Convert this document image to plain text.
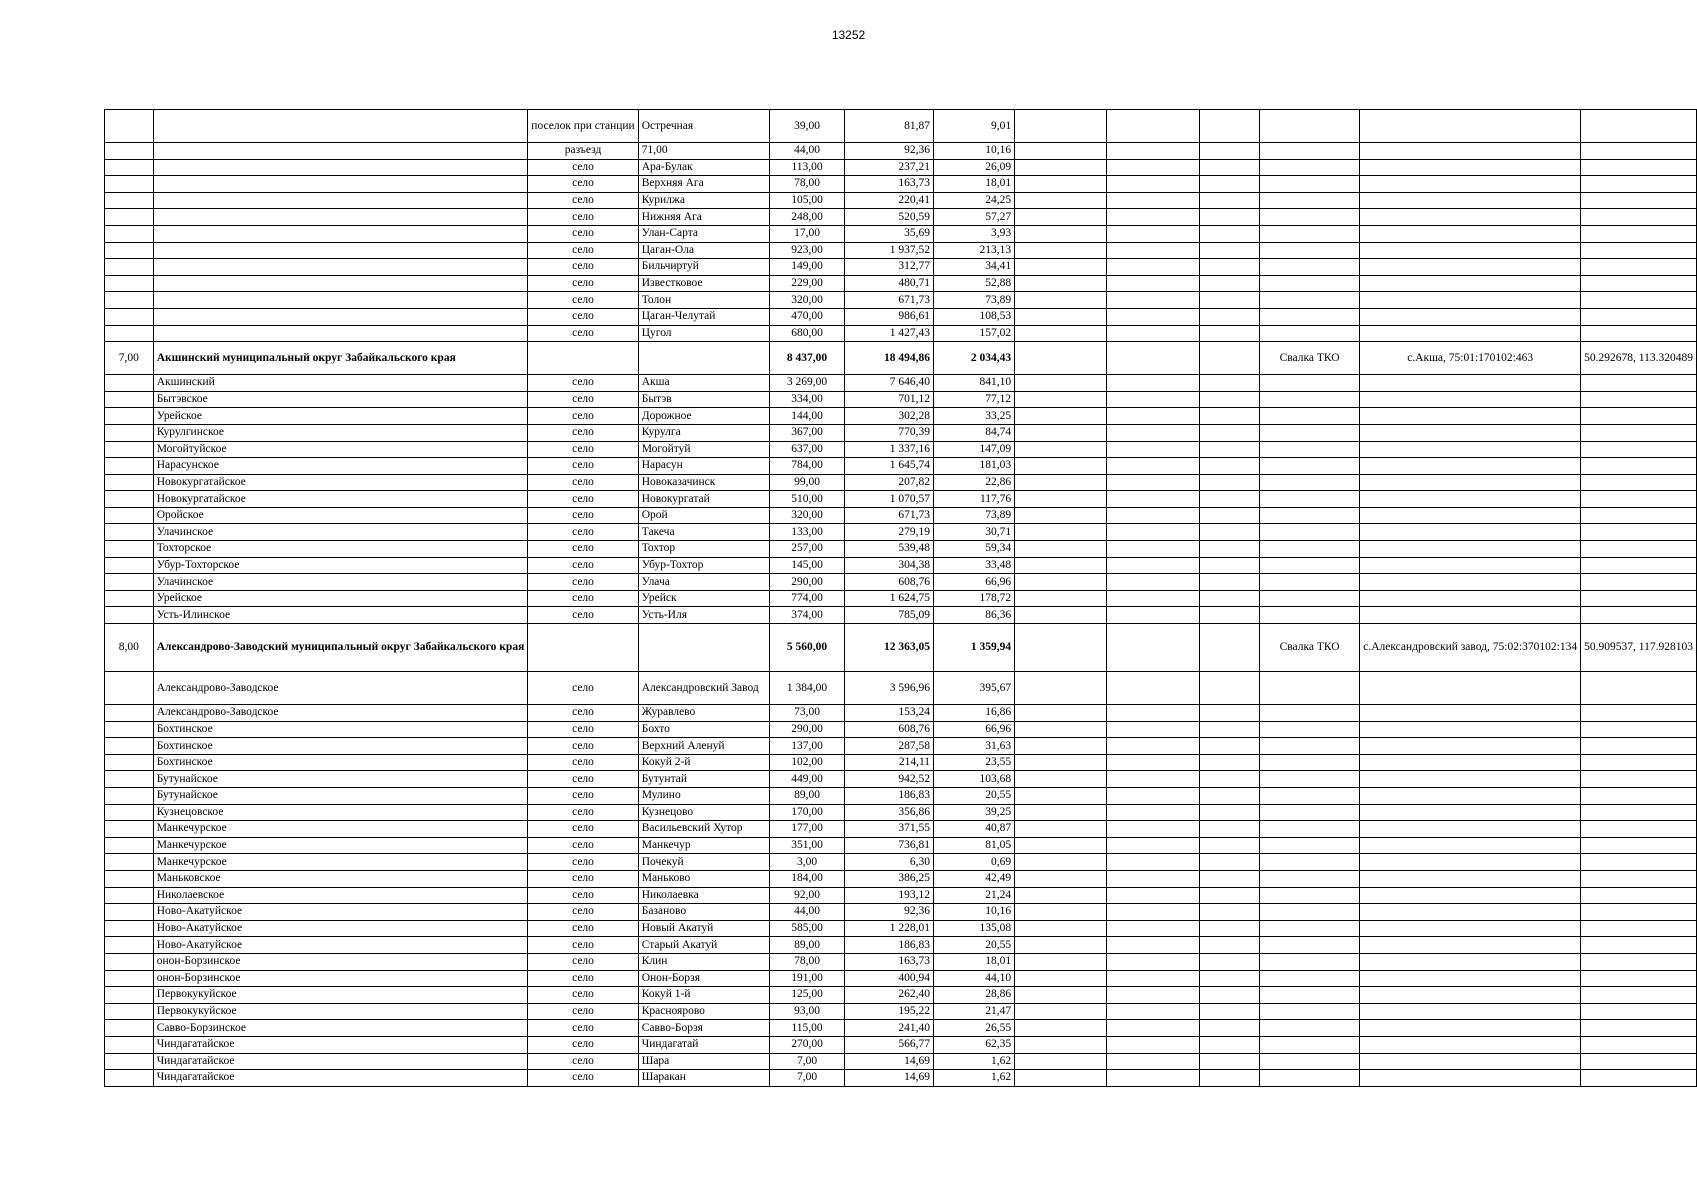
13252
		поселок при станции	Остречная	39,00	81,87	9,01						
		разъезд	71,00	44,00	92,36	10,16						
		село	Ара-Булак	113,00	237,21	26,09						
		село	Верхняя Ага	78,00	163,73	18,01						
		село	Курилжа	105,00	220,41	24,25						
		село	Нижняя Ага	248,00	520,59	57,27						
		село	Улан-Сарта	17,00	35,69	3,93						
		село	Цаган-Ола	923,00	1 937,52	213,13						
		село	Бильчиртуй	149,00	312,77	34,41						
		село	Известковое	229,00	480,71	52,88						
		село	Толон	320,00	671,73	73,89						
		село	Цаган-Челутай	470,00	986,61	108,53						
		село	Цугол	680,00	1 427,43	157,02						
7,00	Акшинский муниципальный округ Забайкальского края			8 437,00	18 494,86	2 034,43				Свалка ТКО	с.Акша, 75:01:170102:463	50.292678, 113.320489
	Акшинский	село	Акша	3 269,00	7 646,40	841,10						
	Бытэвское	село	Бытэв	334,00	701,12	77,12						
	Урейское	село	Дорожное	144,00	302,28	33,25						
	Курулгинское	село	Курулга	367,00	770,39	84,74						
	Могойтуйское	село	Могойтуй	637,00	1 337,16	147,09						
	Нарасунское	село	Нарасун	784,00	1 645,74	181,03						
	Новокургатайское	село	Новоказачинск	99,00	207,82	22,86						
	Новокургатайское	село	Новокургатай	510,00	1 070,57	117,76						
	Оройское	село	Орой	320,00	671,73	73,89						
	Улачинское	село	Такеча	133,00	279,19	30,71						
	Тохторское	село	Тохтор	257,00	539,48	59,34						
	Убур-Тохторское	село	Убур-Тохтор	145,00	304,38	33,48						
	Улачинское	село	Улача	290,00	608,76	66,96						
	Урейское	село	Урейск	774,00	1 624,75	178,72						
	Усть-Илинское	село	Усть-Иля	374,00	785,09	86,36						
8,00	Александрово-Заводский муниципальный округ Забайкальского края			5 560,00	12 363,05	1 359,94				Свалка ТКО	с.Александровский завод, 75:02:370102:134	50.909537, 117.928103
	Александрово-Заводское	село	Александровский Завод	1 384,00	3 596,96	395,67						
	Александрово-Заводское	село	Журавлево	73,00	153,24	16,86						
	Бохтинское	село	Бохто	290,00	608,76	66,96						
	Бохтинское	село	Верхний Аленуй	137,00	287,58	31,63						
	Бохтинское	село	Кокуй 2-й	102,00	214,11	23,55						
	Бутунайское	село	Бутунтай	449,00	942,52	103,68						
	Бутунайское	село	Мулино	89,00	186,83	20,55						
	Кузнецовское	село	Кузнецово	170,00	356,86	39,25						
	Манкечурское	село	Васильевский Хутор	177,00	371,55	40,87						
	Манкечурское	село	Манкечур	351,00	736,81	81,05						
	Манкечурское	село	Почекуй	3,00	6,30	0,69						
	Маньковское	село	Маньково	184,00	386,25	42,49						
	Николаевское	село	Николаевка	92,00	193,12	21,24						
	Ново-Акатуйское	село	Базаново	44,00	92,36	10,16						
	Ново-Акатуйское	село	Новый Акатуй	585,00	1 228,01	135,08						
	Ново-Акатуйское	село	Старый Акатуй	89,00	186,83	20,55						
	онон-Борзинское	село	Клин	78,00	163,73	18,01						
	онон-Борзинское	село	Онон-Борзя	191,00	400,94	44,10						
	Первокукуйское	село	Кокуй 1-й	125,00	262,40	28,86						
	Первокукуйское	село	Красноярово	93,00	195,22	21,47						
	Савво-Борзинское	село	Савво-Борзя	115,00	241,40	26,55						
	Чиндагатайское	село	Чиндагатай	270,00	566,77	62,35						
	Чиндагатайское	село	Шара	7,00	14,69	1,62						
	Чиндагатайское	село	Шаракан	7,00	14,69	1,62						
